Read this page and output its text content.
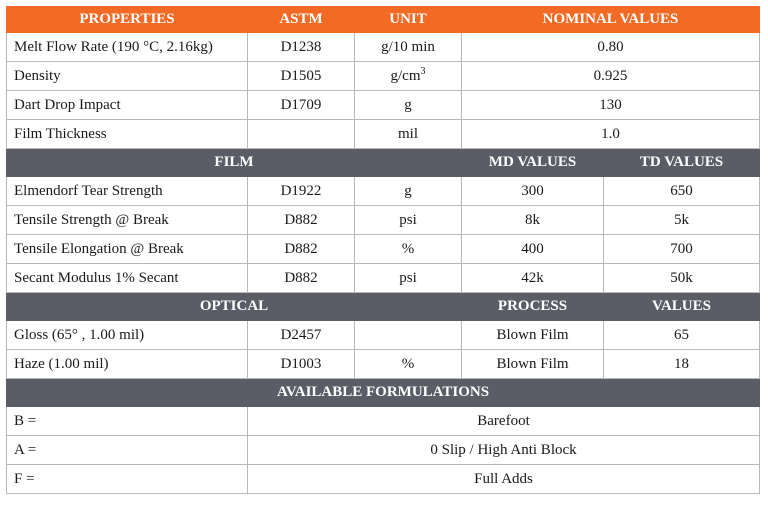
PROPERTIES	ASTM	UNIT	NOMINAL VALUES	
Melt Flow Rate (190 °C, 2.16kg)	D1238	g/10 min	0.80	
Density	D1505	$g/cm^3$	0.925	
Dart Drop Impact	D1709	g	130	
Film Thickness		mil	1.0	
FILM			MD VALUES	TD VALUES
Elmendorf Tear Strength	D1922	g	300	650
Tensile Strength @ Break	D882	psi	8k	5k
Tensile Elongation @ Break	D882	%	400	700
Secant Modulus 1% Secant	D882	psi	42k	50k
OPTICAL			PROCESS	VALUES
Gloss (65° , 1.00 mil)	D2457		Blown Film	65
Haze (1.00 mil)	D1003	%	Blown Film	18
AVAILABLE FORMULATIONS				
B =	Barefoot			
A =	0 Slip / High Anti Block			
F =	Full Adds			
